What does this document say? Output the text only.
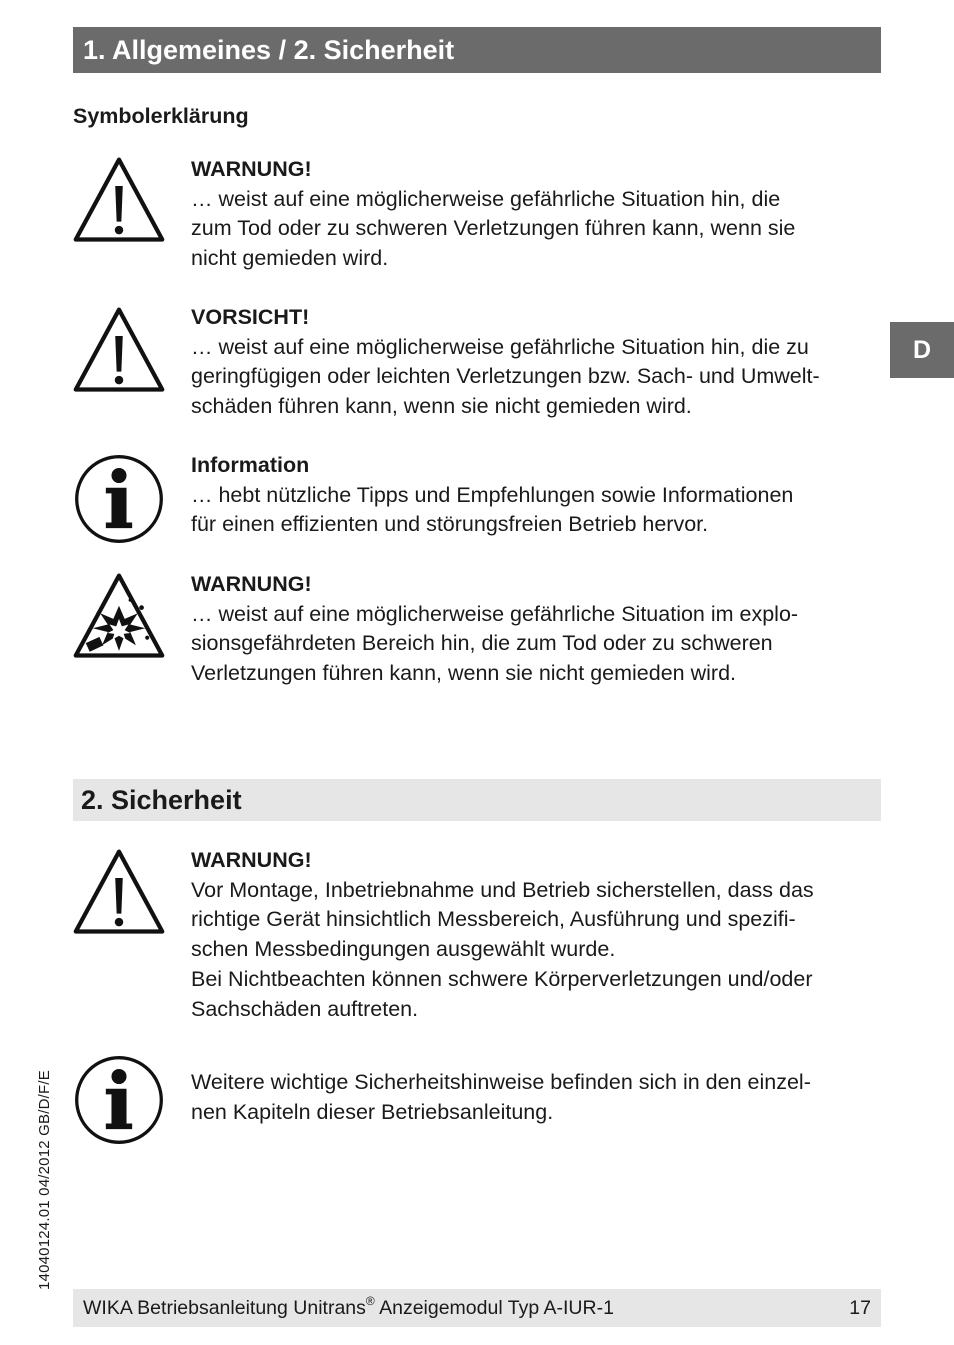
1. Allgemeines / 2. Sicherheit
Symbolerklärung
WARNUNG!
… weist auf eine möglicherweise gefährliche Situation hin, die
zum Tod oder zu schweren Verletzungen führen kann, wenn sie
nicht gemieden wird.
VORSICHT!
… weist auf eine möglicherweise gefährliche Situation hin, die zu
geringfügigen oder leichten Verletzungen bzw. Sach- und Umwelt-
schäden führen kann, wenn sie nicht gemieden wird.
Information
… hebt nützliche Tipps und Empfehlungen sowie Informationen
für einen effizienten und störungsfreien Betrieb hervor.
WARNUNG!
… weist auf eine möglicherweise gefährliche Situation im explo-
sionsgefährdeten Bereich hin, die zum Tod oder zu schweren
Verletzungen führen kann, wenn sie nicht gemieden wird.
D
2. Sicherheit
WARNUNG!
Vor Montage, Inbetriebnahme und Betrieb sicherstellen, dass das
richtige Gerät hinsichtlich Messbereich, Ausführung und spezifi-
schen Messbedingungen ausgewählt wurde.
Bei Nichtbeachten können schwere Körperverletzungen und/oder
Sachschäden auftreten.
Weitere wichtige Sicherheitshinweise befinden sich in den einzel-
nen Kapiteln dieser Betriebsanleitung.
14040124.01 04/2012 GB/D/F/E
WIKA Betriebsanleitung Unitrans® Anzeigemodul Typ A-IUR-1	17
